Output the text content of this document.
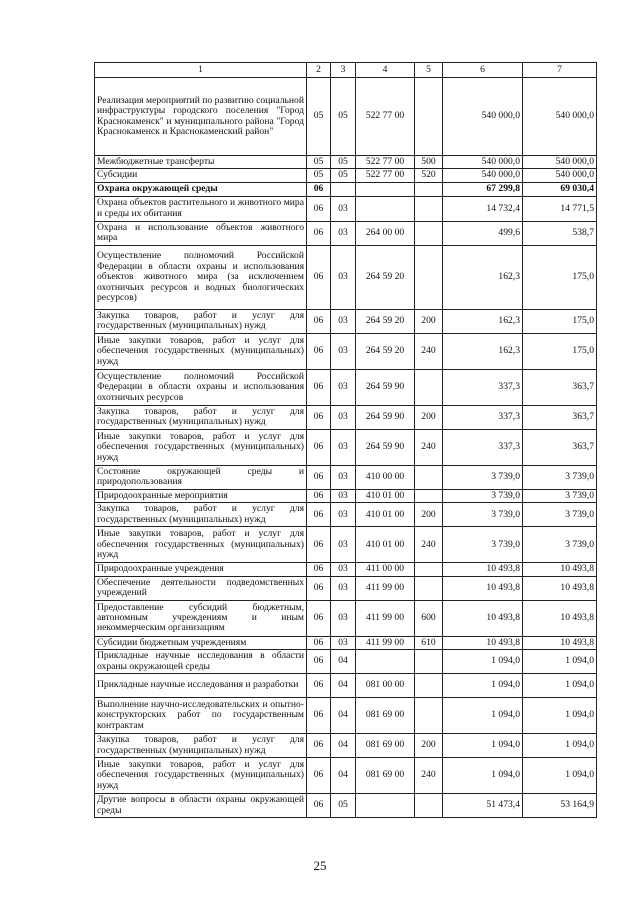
1	2	3	4	5	6	7
Реализация мероприятий по развитию социальной инфраструктуры городского поселения "Город Краснокаменск" и муниципального района "Город Краснокаменск и Краснокаменский район"	05	05	522 77 00		540 000,0	540 000,0
Межбюджетные трансферты	05	05	522 77 00	500	540 000,0	540 000,0
Субсидии	05	05	522 77 00	520	540 000,0	540 000,0
Охрана окружающей среды	06				67 299,8	69 030,4
Охрана объектов растительного и животного мира и среды их обитания	06	03			14 732,4	14 771,5
Охрана и использование объектов животного мира	06	03	264 00 00		499,6	538,7
Осуществление полномочий Российской Федерации в области охраны и использования объектов животного мира (за исключением охотничьих ресурсов и водных биологических ресурсов)	06	03	264 59 20		162,3	175,0
Закупка товаров, работ и услуг для государственных (муниципальных) нужд	06	03	264 59 20	200	162,3	175,0
Иные закупки товаров, работ и услуг для обеспечения государственных (муниципальных) нужд	06	03	264 59 20	240	162,3	175,0
Осуществление полномочий Российской Федерации в области охраны и использования охотничьих ресурсов	06	03	264 59 90		337,3	363,7
Закупка товаров, работ и услуг для государственных (муниципальных) нужд	06	03	264 59 90	200	337,3	363,7
Иные закупки товаров, работ и услуг для обеспечения государственных (муниципальных) нужд	06	03	264 59 90	240	337,3	363,7
Состояние окружающей среды и природопользования	06	03	410 00 00		3 739,0	3 739,0
Природоохранные мероприятия	06	03	410 01 00		3 739,0	3 739,0
Закупка товаров, работ и услуг для государственных (муниципальных) нужд	06	03	410 01 00	200	3 739,0	3 739,0
Иные закупки товаров, работ и услуг для обеспечения государственных (муниципальных) нужд	06	03	410 01 00	240	3 739,0	3 739,0
Природоохранные учреждения	06	03	411 00 00		10 493,8	10 493,8
Обеспечение деятельности подведомственных учреждений	06	03	411 99 00		10 493,8	10 493,8
Предоставление субсидий бюджетным, автономным учреждениям и иным некоммерческим организациям	06	03	411 99 00	600	10 493,8	10 493,8
Субсидии бюджетным учреждениям	06	03	411 99 00	610	10 493,8	10 493,8
Прикладные научные исследования в области охраны окружающей среды	06	04			1 094,0	1 094,0
Прикладные научные исследования и разработки	06	04	081 00 00		1 094,0	1 094,0
Выполнение научно-исследовательских и опытно-конструкторских работ по государственным контрактам	06	04	081 69 00		1 094,0	1 094,0
Закупка товаров, работ и услуг для государственных (муниципальных) нужд	06	04	081 69 00	200	1 094,0	1 094,0
Иные закупки товаров, работ и услуг для обеспечения государственных (муниципальных) нужд	06	04	081 69 00	240	1 094,0	1 094,0
Другие вопросы в области охраны окружающей среды	06	05			51 473,4	53 164,9
25
